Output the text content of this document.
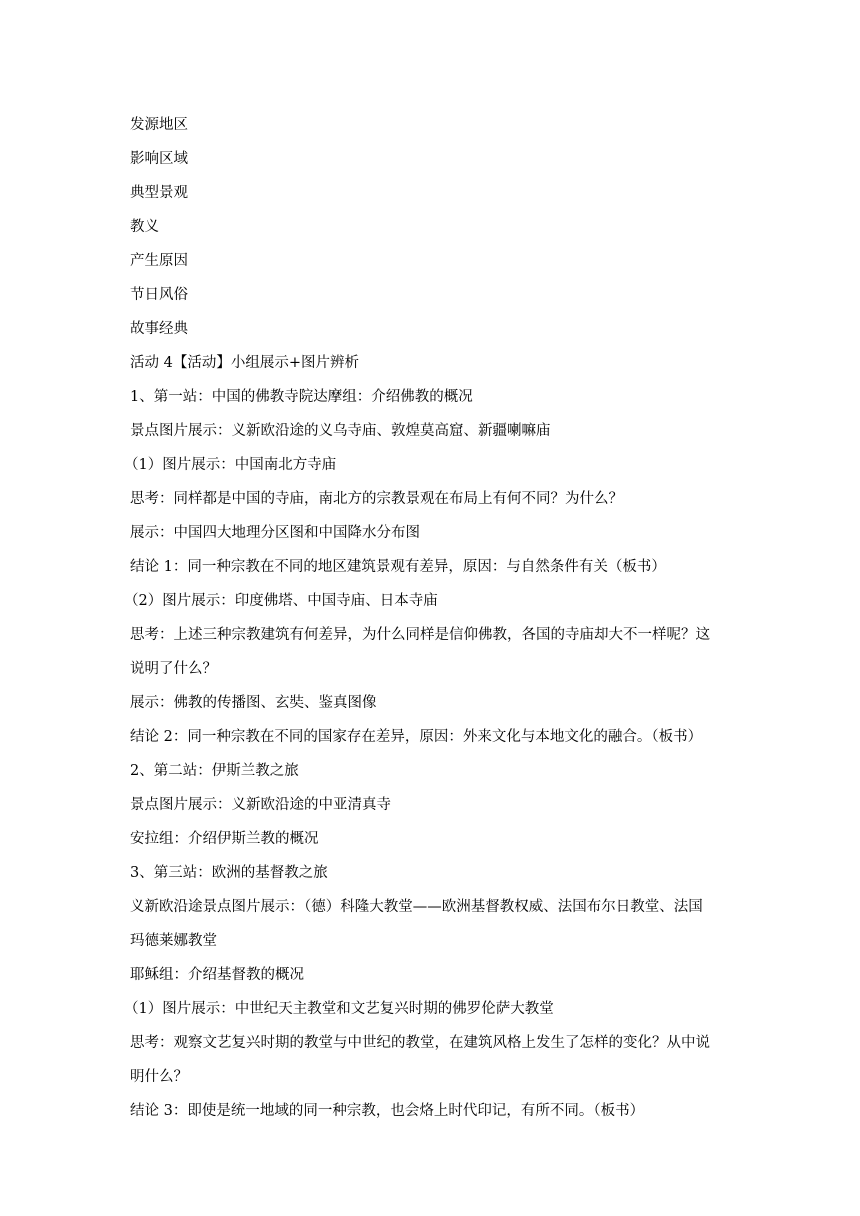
发源地区

影响区域

典型景观

教义

产生原因

节日风俗

故事经典

活动 4【活动】小组展示+图片辨析

1、第一站：中国的佛教寺院达摩组：介绍佛教的概况

景点图片展示：义新欧沿途的义乌寺庙、敦煌莫高窟、新疆喇嘛庙

（1）图片展示：中国南北方寺庙

思考：同样都是中国的寺庙，南北方的宗教景观在布局上有何不同？为什么？

展示：中国四大地理分区图和中国降水分布图

结论 1：同一种宗教在不同的地区建筑景观有差异，原因：与自然条件有关（板书）

（2）图片展示：印度佛塔、中国寺庙、日本寺庙

思考：上述三种宗教建筑有何差异，为什么同样是信仰佛教，各国的寺庙却大不一样呢？这

说明了什么？

展示：佛教的传播图、玄奘、鉴真图像

结论 2：同一种宗教在不同的国家存在差异，原因：外来文化与本地文化的融合。（板书）

2、第二站：伊斯兰教之旅

景点图片展示：义新欧沿途的中亚清真寺

安拉组：介绍伊斯兰教的概况

3、第三站：欧洲的基督教之旅

义新欧沿途景点图片展示：（德）科隆大教堂——欧洲基督教权威、法国布尔日教堂、法国

玛德莱娜教堂

耶稣组：介绍基督教的概况

（1）图片展示：中世纪天主教堂和文艺复兴时期的佛罗伦萨大教堂

思考：观察文艺复兴时期的教堂与中世纪的教堂，在建筑风格上发生了怎样的变化？从中说

明什么？

结论 3：即使是统一地域的同一种宗教，也会烙上时代印记，有所不同。（板书）
